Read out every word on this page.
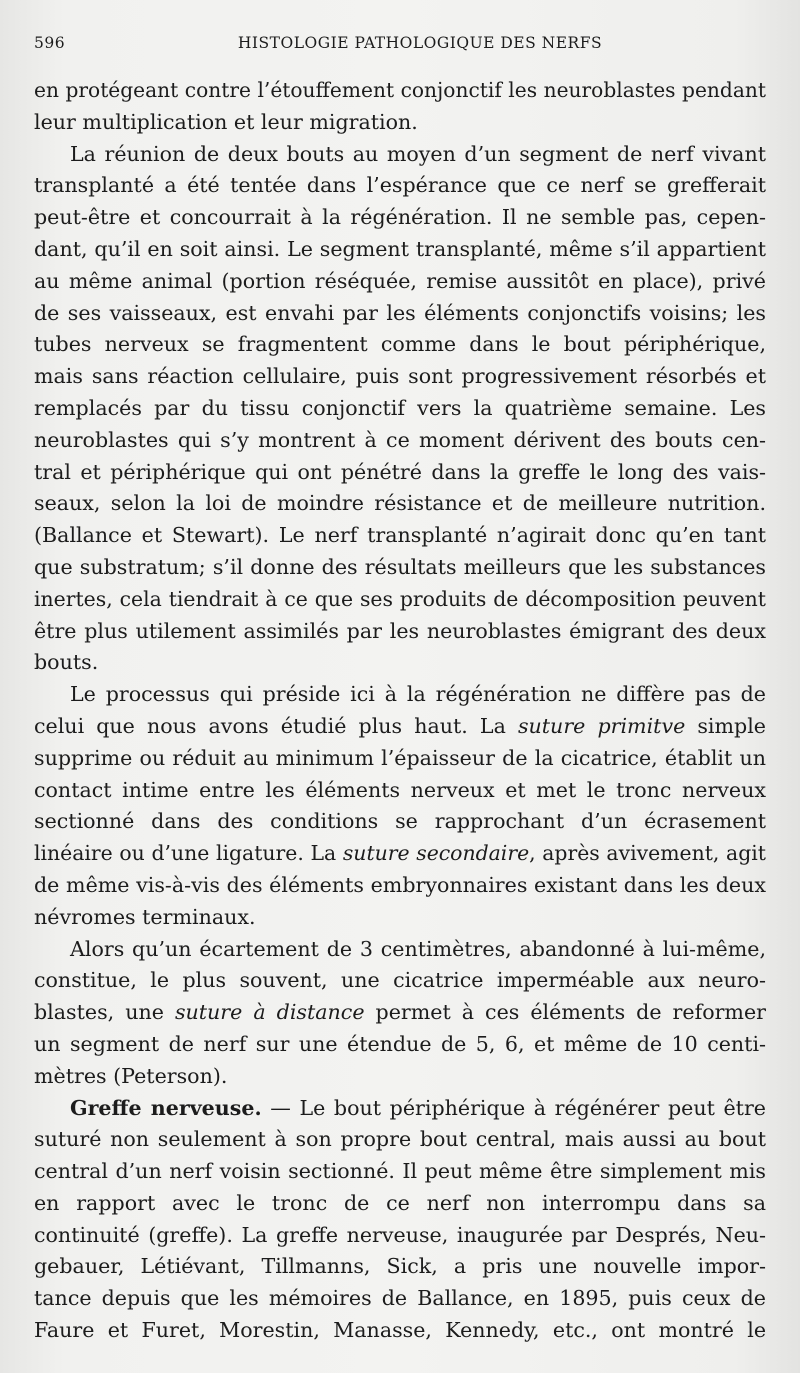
596	HISTOLOGIE PATHOLOGIQUE DES NERFS
en protégeant contre l’étouffement conjonctif les neuroblastes pendant
leur multiplication et leur migration.
La réunion de deux bouts au moyen d’un segment de nerf vivant
transplanté a été tentée dans l’espérance que ce nerf se grefferait
peut-être et concourrait à la régénération. Il ne semble pas, cepen-
dant, qu’il en soit ainsi. Le segment transplanté, même s’il appartient
au même animal (portion réséquée, remise aussitôt en place), privé
de ses vaisseaux, est envahi par les éléments conjonctifs voisins; les
tubes nerveux se fragmentent comme dans le bout périphérique,
mais sans réaction cellulaire, puis sont progressivement résorbés et
remplacés par du tissu conjonctif vers la quatrième semaine. Les
neuroblastes qui s’y montrent à ce moment dérivent des bouts cen-
tral et périphérique qui ont pénétré dans la greffe le long des vais-
seaux, selon la loi de moindre résistance et de meilleure nutrition.
(Ballance et Stewart). Le nerf transplanté n’agirait donc qu’en tant
que substratum; s’il donne des résultats meilleurs que les substances
inertes, cela tiendrait à ce que ses produits de décomposition peuvent
être plus utilement assimilés par les neuroblastes émigrant des deux
bouts.
Le processus qui préside ici à la régénération ne diffère pas de
celui que nous avons étudié plus haut. La suture primitve simple
supprime ou réduit au minimum l’épaisseur de la cicatrice, établit un
contact intime entre les éléments nerveux et met le tronc nerveux
sectionné dans des conditions se rapprochant d’un écrasement
linéaire ou d’une ligature. La suture secondaire, après avivement, agit
de même vis-à-vis des éléments embryonnaires existant dans les deux
névromes terminaux.
Alors qu’un écartement de 3 centimètres, abandonné à lui-même,
constitue, le plus souvent, une cicatrice imperméable aux neuro-
blastes, une suture à distance permet à ces éléments de reformer
un segment de nerf sur une étendue de 5, 6, et même de 10 centi-
mètres (Peterson).
Greffe nerveuse. — Le bout périphérique à régénérer peut être
suturé non seulement à son propre bout central, mais aussi au bout
central d’un nerf voisin sectionné. Il peut même être simplement mis
en rapport avec le tronc de ce nerf non interrompu dans sa
continuité (greffe). La greffe nerveuse, inaugurée par Després, Neu-
gebauer, Létiévant, Tillmanns, Sick, a pris une nouvelle impor-
tance depuis que les mémoires de Ballance, en 1895, puis ceux de
Faure et Furet, Morestin, Manasse, Kennedy, etc., ont montré le
